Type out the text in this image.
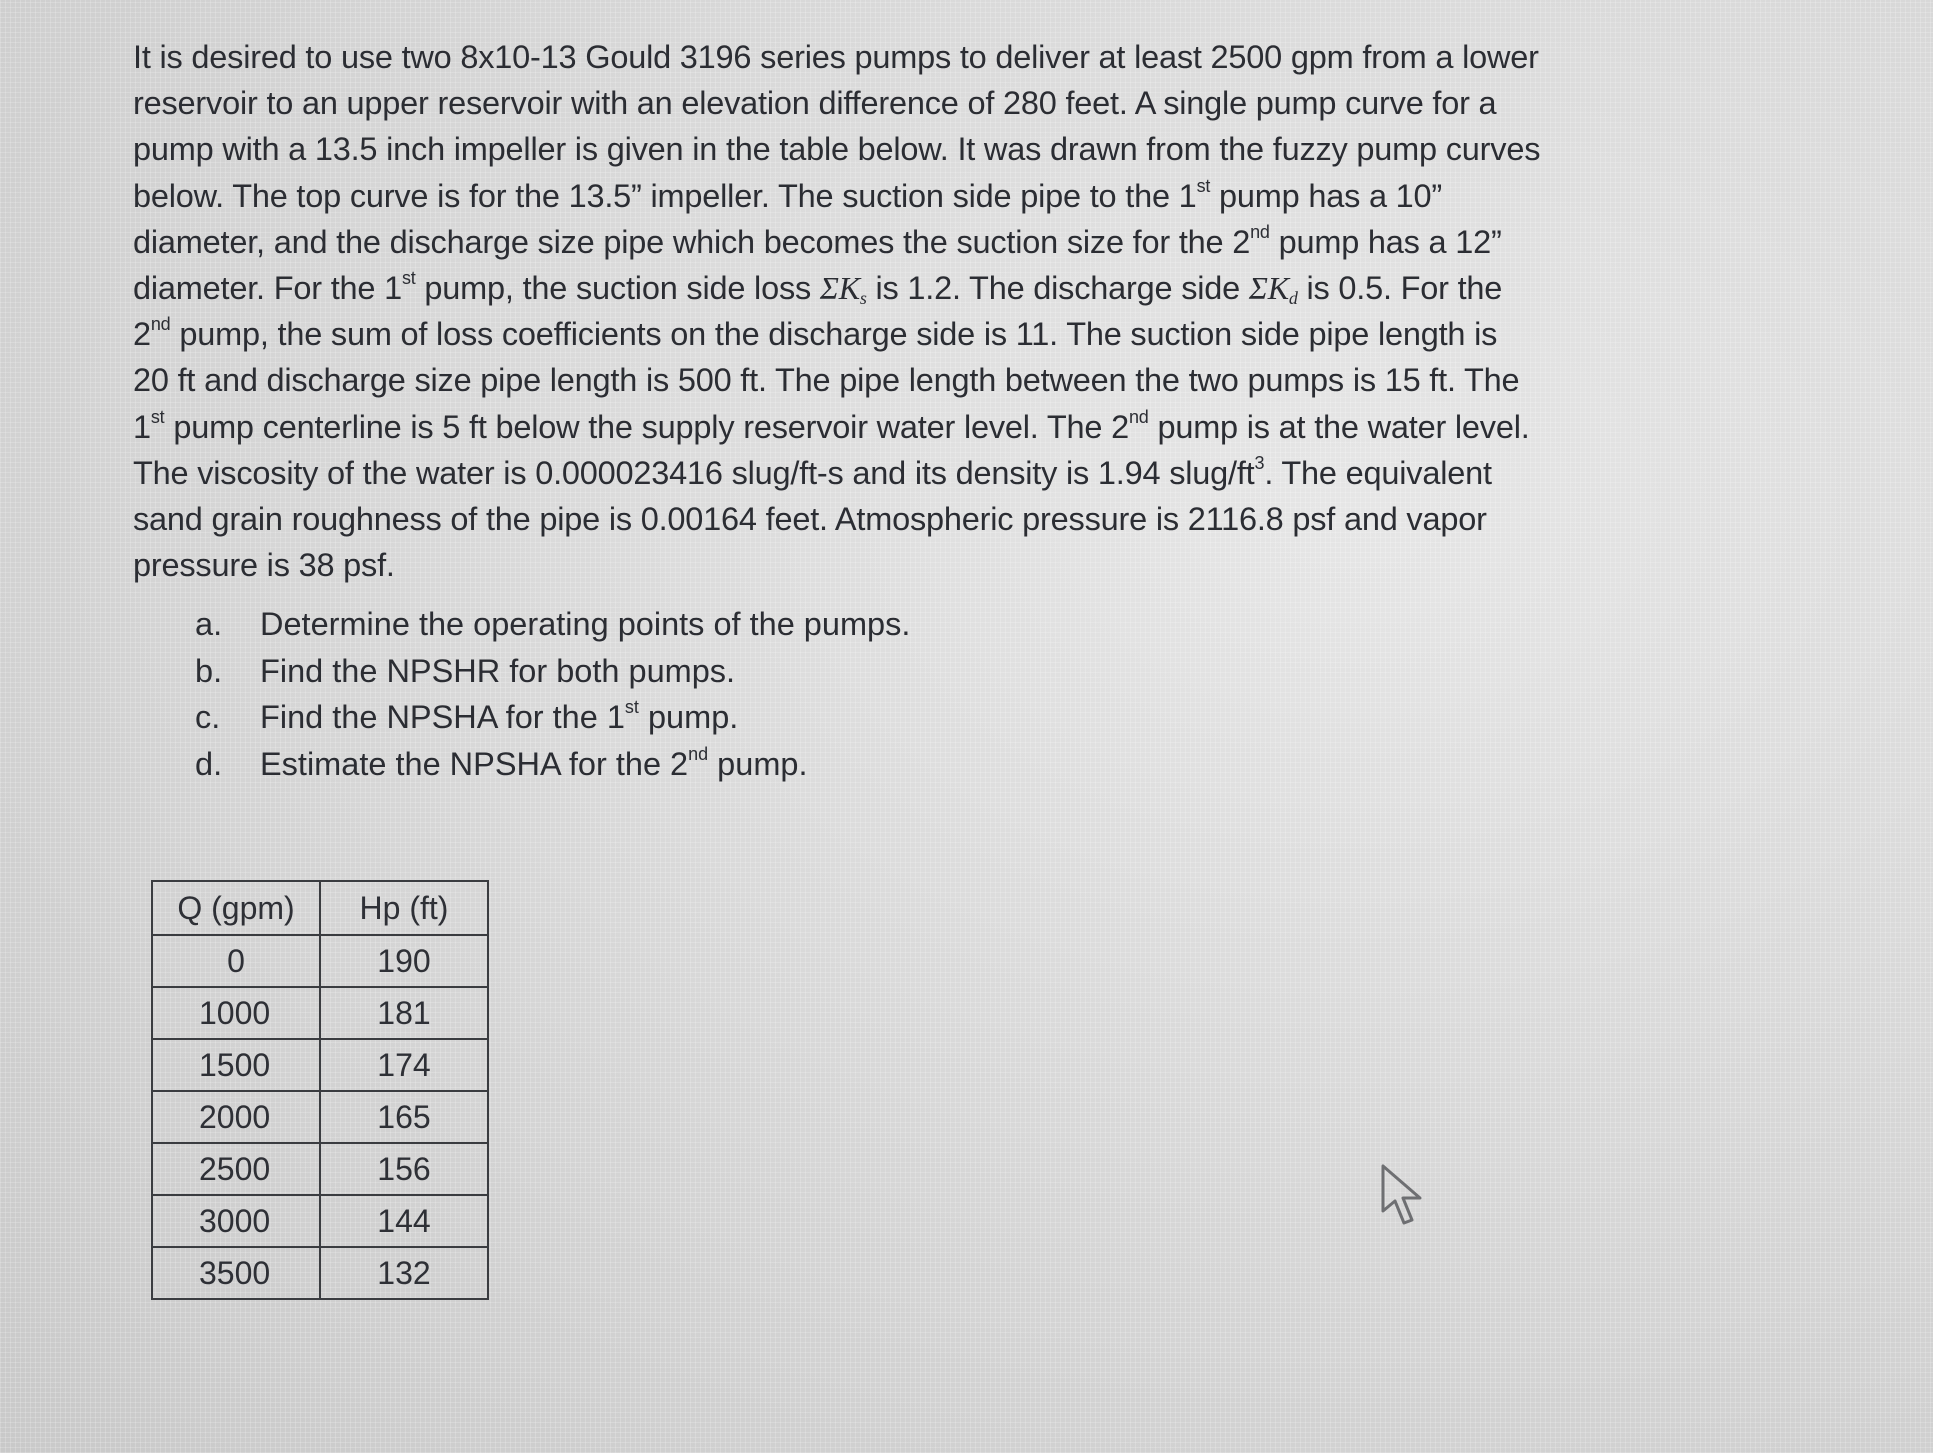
It is desired to use two 8x10-13 Gould 3196 series pumps to deliver at least 2500 gpm from a lower

reservoir to an upper reservoir with an elevation difference of 280 feet. A single pump curve for a

pump with a 13.5 inch impeller is given in the table below. It was drawn from the fuzzy pump curves

below. The top curve is for the 13.5” impeller. The suction side pipe to the 1st pump has a 10”

diameter, and the discharge size pipe which becomes the suction size for the 2nd pump has a 12”

diameter. For the 1st pump, the suction side loss $\Sigma K_s$ is 1.2. The discharge side $\Sigma K_d$ is 0.5. For the

2nd pump, the sum of loss coefficients on the discharge side is 11. The suction side pipe length is

20 ft and discharge size pipe length is 500 ft. The pipe length between the two pumps is 15 ft. The

1st pump centerline is 5 ft below the supply reservoir water level. The 2nd pump is at the water level.

The viscosity of the water is 0.000023416 slug/ft-s and its density is 1.94 slug/$ft^3$. The equivalent

sand grain roughness of the pipe is 0.00164 feet. Atmospheric pressure is 2116.8 psf and vapor

pressure is 38 psf.

a. Determine the operating points of the pumps.
b. Find the NPSHR for both pumps.
c. Find the NPSHA for the 1st pump.
d. Estimate the NPSHA for the 2nd pump.
Q (gpm)	Hp (ft)
0	190
1000	181
1500	174
2000	165
2500	156
3000	144
3500	132
